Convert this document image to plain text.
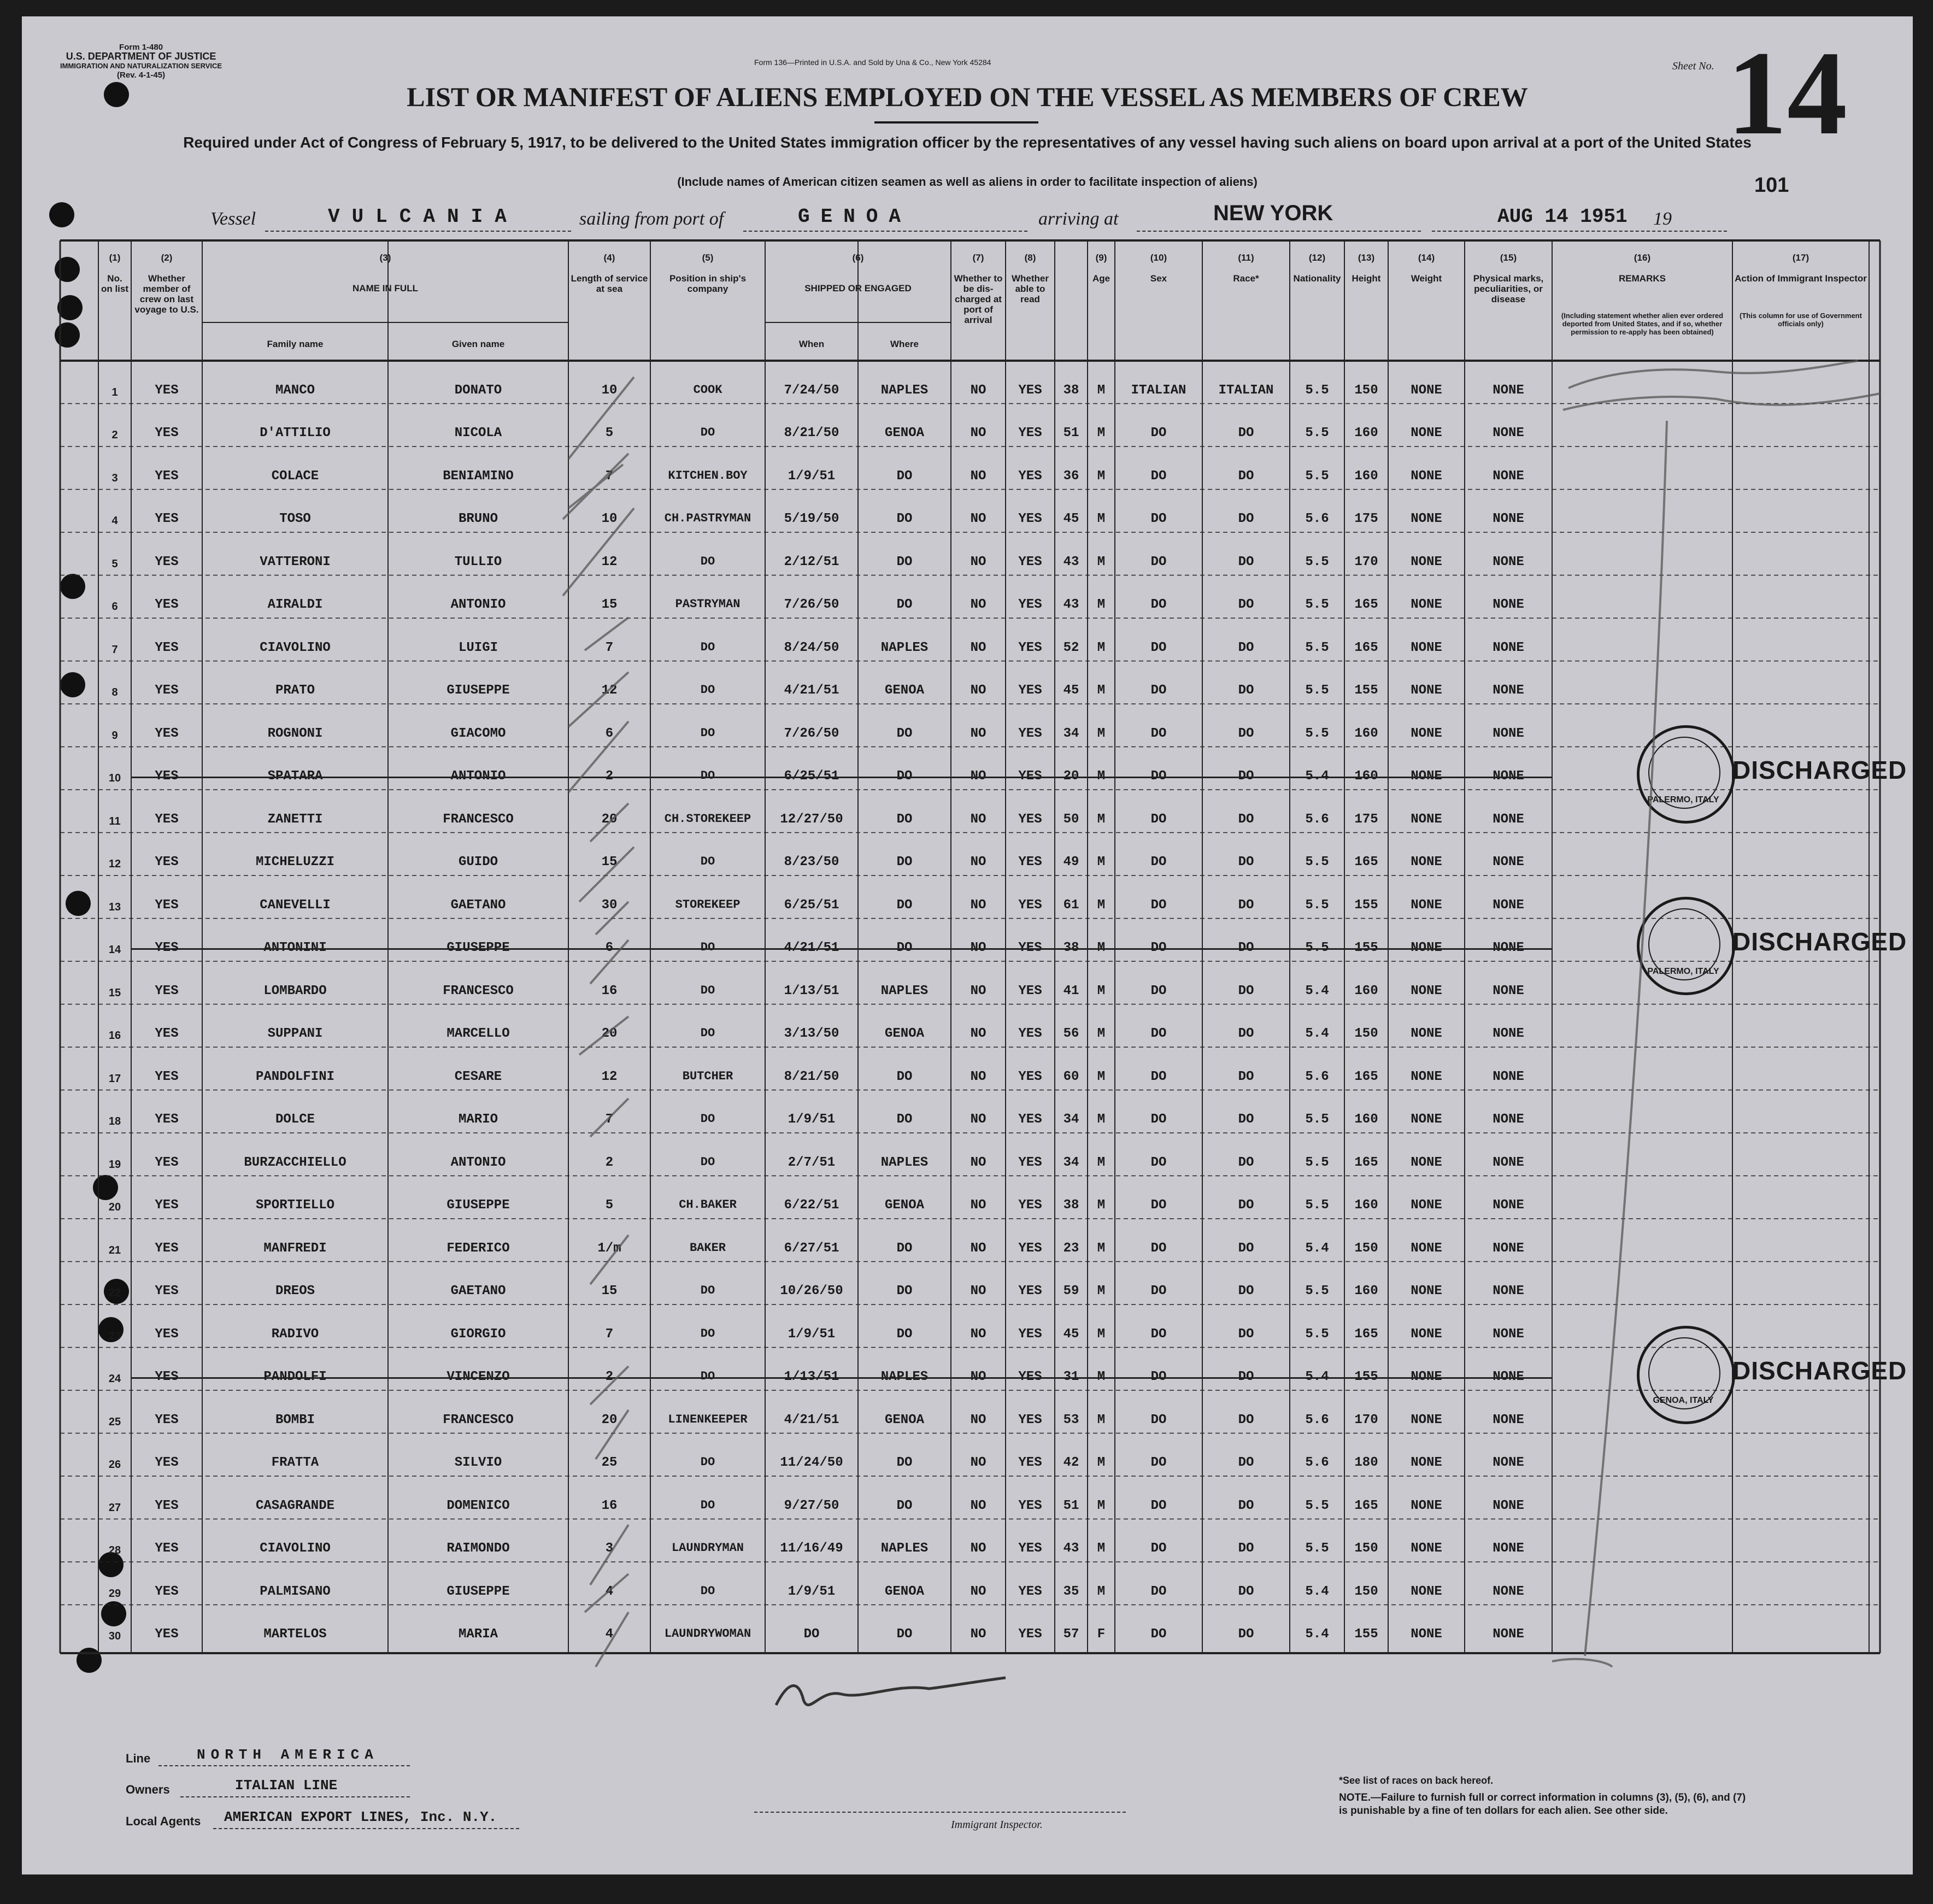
Form 1-480
U.S. DEPARTMENT OF JUSTICE
IMMIGRATION AND NATURALIZATION SERVICE
(Rev. 4-1-45)
Form 136—Printed in U.S.A. and Sold by Una & Co., New York 45284	Sheet No. 14
LIST OR MANIFEST OF ALIENS EMPLOYED ON THE VESSEL AS MEMBERS OF CREW
Required under Act of Congress of February 5, 1917, to be delivered to the United States immigration officer by the representatives of any vessel having such aliens on board upon arrival at a port of the United States
(Include names of American citizen seamen as well as aliens in order to facilitate inspection of aliens)	101
Vessel	VULCANIA	sailing from port of	GENOA	arriving at	NEW YORK	AUG 14 1951 19
(1)
No. on list
(2)
Whether member of crew on last voyage to U.S.
(3)
NAME IN FULL
Family name	Given name
(4)
Length of service at sea
(5)
Position in ship's company
(6)
SHIPPED OR ENGAGED
When	Where
(7)
Whether to be dis-charged at port of arrival
(8)
Whether able to read
(9)
Age
(10)
Sex
(11)
Race*
(12)
Nationality
(13)
Height
(14)
Weight
(15)
Physical marks, peculiarities, or disease
(16)
REMARKS
(Including statement whether alien ever ordered deported from United States, and if so, whether permission to re-apply has been obtained)
(17)
Action of Immigrant Inspector
(This column for use of Government officials only)
1	YES	MANCO	DONATO	10	COOK	7/24/50	NAPLES	NO	YES	38	M	ITALIAN	ITALIAN	5.5	150	NONE	NONE
2	YES	D'ATTILIO	NICOLA	5	DO	8/21/50	GENOA	NO	YES	51	M	DO	DO	5.5	160	NONE	NONE
3	YES	COLACE	BENIAMINO	7	KITCHEN.BOY	1/9/51	DO	NO	YES	36	M	DO	DO	5.5	160	NONE	NONE
4	YES	TOSO	BRUNO	10	CH.PASTRYMAN	5/19/50	DO	NO	YES	45	M	DO	DO	5.6	175	NONE	NONE
5	YES	VATTERONI	TULLIO	12	DO	2/12/51	DO	NO	YES	43	M	DO	DO	5.5	170	NONE	NONE
6	YES	AIRALDI	ANTONIO	15	PASTRYMAN	7/26/50	DO	NO	YES	43	M	DO	DO	5.5	165	NONE	NONE
7	YES	CIAVOLINO	LUIGI	7	DO	8/24/50	NAPLES	NO	YES	52	M	DO	DO	5.5	165	NONE	NONE
8	YES	PRATO	GIUSEPPE	12	DO	4/21/51	GENOA	NO	YES	45	M	DO	DO	5.5	155	NONE	NONE
9	YES	ROGNONI	GIACOMO	6	DO	7/26/50	DO	NO	YES	34	M	DO	DO	5.5	160	NONE	NONE
10	YES	SPATARA	ANTONIO	2	DO	6/25/51	DO	NO	YES	20	M	DO	DO	5.4	160	NONE	NONE
11	YES	ZANETTI	FRANCESCO	20	CH.STOREKEEP	12/27/50	DO	NO	YES	50	M	DO	DO	5.6	175	NONE	NONE
12	YES	MICHELUZZI	GUIDO	15	DO	8/23/50	DO	NO	YES	49	M	DO	DO	5.5	165	NONE	NONE
13	YES	CANEVELLI	GAETANO	30	STOREKEEP	6/25/51	DO	NO	YES	61	M	DO	DO	5.5	155	NONE	NONE
14	YES	ANTONINI	GIUSEPPE	6	DO	4/21/51	DO	NO	YES	38	M	DO	DO	5.5	155	NONE	NONE
15	YES	LOMBARDO	FRANCESCO	16	DO	1/13/51	NAPLES	NO	YES	41	M	DO	DO	5.4	160	NONE	NONE
16	YES	SUPPANI	MARCELLO	20	DO	3/13/50	GENOA	NO	YES	56	M	DO	DO	5.4	150	NONE	NONE
17	YES	PANDOLFINI	CESARE	12	BUTCHER	8/21/50	DO	NO	YES	60	M	DO	DO	5.6	165	NONE	NONE
18	YES	DOLCE	MARIO	7	DO	1/9/51	DO	NO	YES	34	M	DO	DO	5.5	160	NONE	NONE
19	YES	BURZACCHIELLO	ANTONIO	2	DO	2/7/51	NAPLES	NO	YES	34	M	DO	DO	5.5	165	NONE	NONE
20	YES	SPORTIELLO	GIUSEPPE	5	CH.BAKER	6/22/51	GENOA	NO	YES	38	M	DO	DO	5.5	160	NONE	NONE
21	YES	MANFREDI	FEDERICO	1/m	BAKER	6/27/51	DO	NO	YES	23	M	DO	DO	5.4	150	NONE	NONE
22	YES	DREOS	GAETANO	15	DO	10/26/50	DO	NO	YES	59	M	DO	DO	5.5	160	NONE	NONE
23	YES	RADIVO	GIORGIO	7	DO	1/9/51	DO	NO	YES	45	M	DO	DO	5.5	165	NONE	NONE
24	YES	PANDOLFI	VINCENZO	2	DO	1/13/51	NAPLES	NO	YES	31	M	DO	DO	5.4	155	NONE	NONE
25	YES	BOMBI	FRANCESCO	20	LINENKEEPER	4/21/51	GENOA	NO	YES	53	M	DO	DO	5.6	170	NONE	NONE
26	YES	FRATTA	SILVIO	25	DO	11/24/50	DO	NO	YES	42	M	DO	DO	5.6	180	NONE	NONE
27	YES	CASAGRANDE	DOMENICO	16	DO	9/27/50	DO	NO	YES	51	M	DO	DO	5.5	165	NONE	NONE
28	YES	CIAVOLINO	RAIMONDO	3	LAUNDRYMAN	11/16/49	NAPLES	NO	YES	43	M	DO	DO	5.5	150	NONE	NONE
29	YES	PALMISANO	GIUSEPPE	4	DO	1/9/51	GENOA	NO	YES	35	M	DO	DO	5.4	150	NONE	NONE
30	YES	MARTELOS	MARIA	4	LAUNDRYWOMAN	DO	DO	NO	YES	57	F	DO	DO	5.4	155	NONE	NONE
PALERMO, ITALY
DISCHARGED
PALERMO, ITALY
DISCHARGED
GENOA, ITALY
DISCHARGED
Line	NORTH AMERICA
Owners	ITALIAN LINE
Local Agents AMERICAN EXPORT LINES, Inc. N.Y.	Immigrant Inspector.
*See list of races on back hereof.
NOTE.—Failure to furnish full or correct information in columns (3), (5), (6), and (7) is punishable by a fine of ten dollars for each alien. See other side.
